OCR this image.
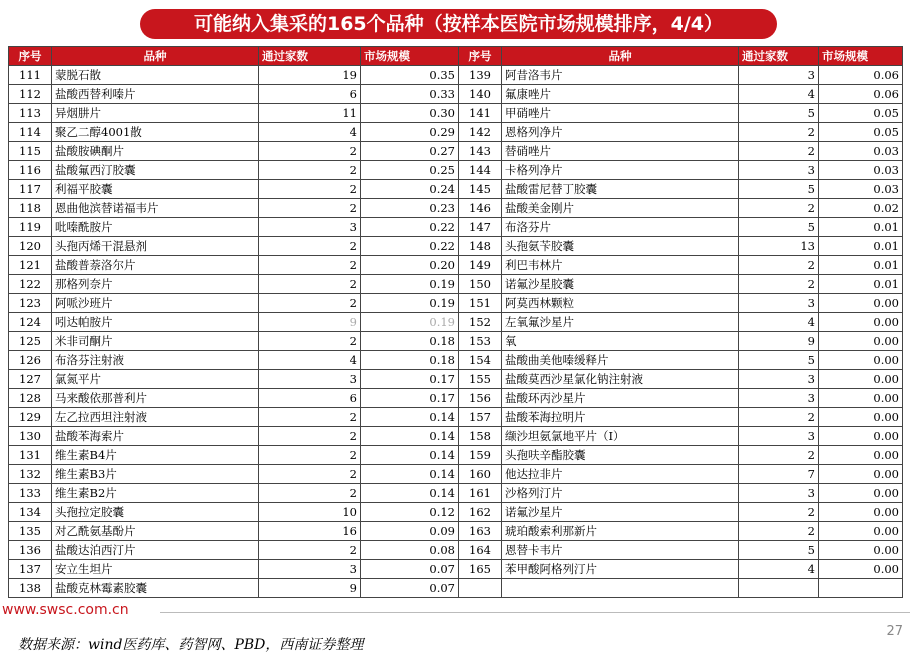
可能纳入集采的165个品种（按样本医院市场规模排序，4/4）
序号	品种	通过家数	市场规模	序号	品种	通过家数	市场规模
111	蒙脱石散	19	0.35	139	阿昔洛韦片	3	0.06
112	盐酸西替利嗪片	6	0.33	140	氟康唑片	4	0.06
113	异烟肼片	11	0.30	141	甲硝唑片	5	0.05
114	聚乙二醇4001散	4	0.29	142	恩格列净片	2	0.05
115	盐酸胺碘酮片	2	0.27	143	替硝唑片	2	0.03
116	盐酸氟西汀胶囊	2	0.25	144	卡格列净片	3	0.03
117	利福平胶囊	2	0.24	145	盐酸雷尼替丁胶囊	5	0.03
118	恩曲他滨替诺福韦片	2	0.23	146	盐酸美金刚片	2	0.02
119	吡嗪酰胺片	3	0.22	147	布洛芬片	5	0.01
120	头孢丙烯干混悬剂	2	0.22	148	头孢氨苄胶囊	13	0.01
121	盐酸普萘洛尔片	2	0.20	149	利巴韦林片	2	0.01
122	那格列奈片	2	0.19	150	诺氟沙星胶囊	2	0.01
123	阿哌沙班片	2	0.19	151	阿莫西林颗粒	3	0.00
124	吲达帕胺片	9	0.19	152	左氧氟沙星片	4	0.00
125	米非司酮片	2	0.18	153	氧	9	0.00
126	布洛芬注射液	4	0.18	154	盐酸曲美他嗪缓释片	5	0.00
127	氯氮平片	3	0.17	155	盐酸莫西沙星氯化钠注射液	3	0.00
128	马来酸依那普利片	6	0.17	156	盐酸环丙沙星片	3	0.00
129	左乙拉西坦注射液	2	0.14	157	盐酸苯海拉明片	2	0.00
130	盐酸苯海索片	2	0.14	158	缬沙坦氨氯地平片（Ⅰ）	3	0.00
131	维生素B4片	2	0.14	159	头孢呋辛酯胶囊	2	0.00
132	维生素B3片	2	0.14	160	他达拉非片	7	0.00
133	维生素B2片	2	0.14	161	沙格列汀片	3	0.00
134	头孢拉定胶囊	10	0.12	162	诺氟沙星片	2	0.00
135	对乙酰氨基酚片	16	0.09	163	琥珀酸索利那新片	2	0.00
136	盐酸达泊西汀片	2	0.08	164	恩替卡韦片	5	0.00
137	安立生坦片	3	0.07	165	苯甲酸阿格列汀片	4	0.00
138	盐酸克林霉素胶囊	9	0.07				
www.swsc.com.cn
27
数据来源：wind医药库、药智网、PBD，西南证券整理
